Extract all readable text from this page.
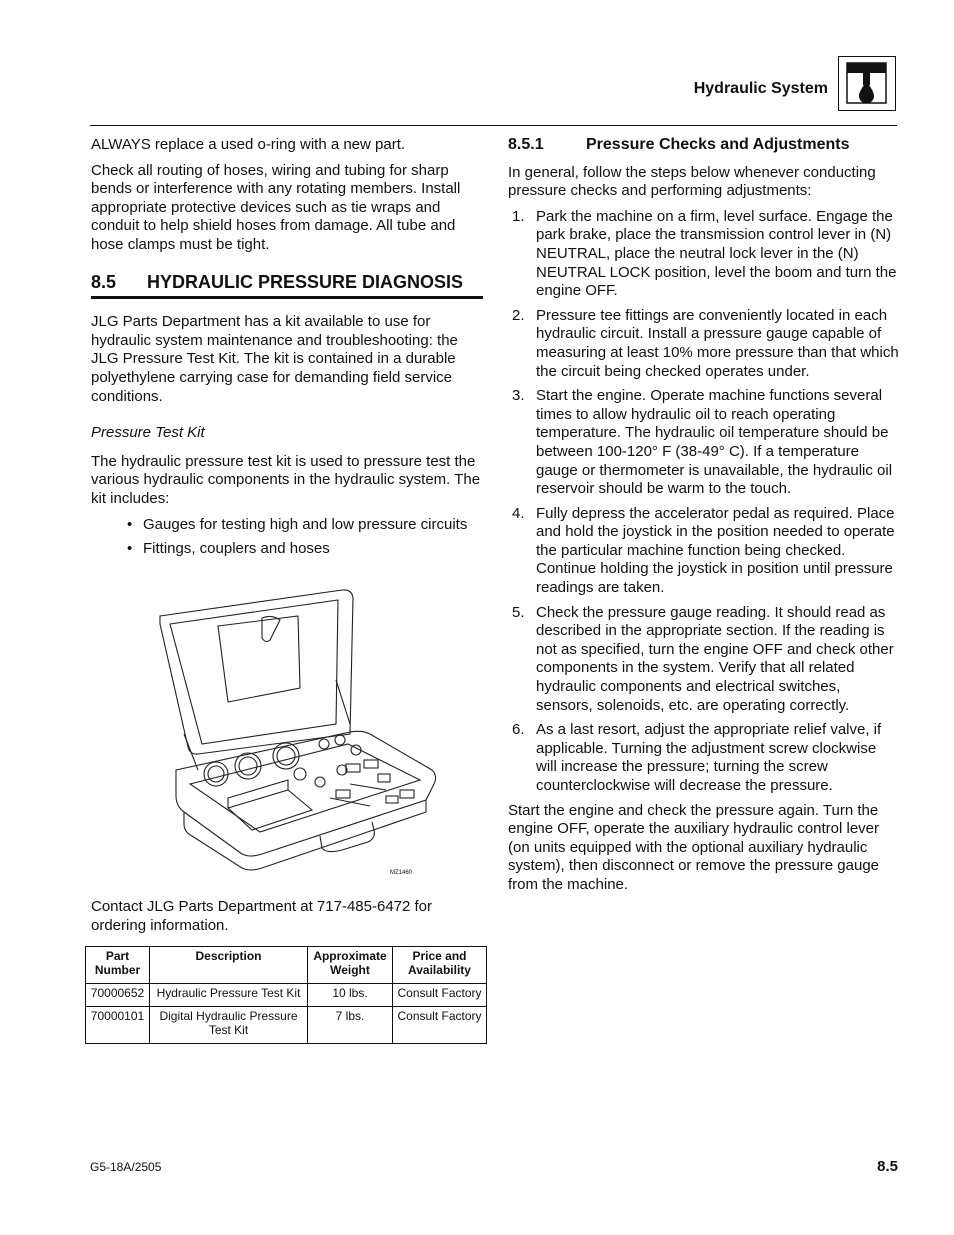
Hydraulic System

ALWAYS replace a used o-ring with a new part.

Check all routing of hoses, wiring and tubing for sharp bends or interference with any rotating members. Install appropriate protective devices such as tie wraps and conduit to help shield hoses from damage. All tube and hose clamps must be tight.

8.5	HYDRAULIC PRESSURE DIAGNOSIS

JLG Parts Department has a kit available to use for hydraulic system maintenance and troubleshooting: the JLG Pressure Test Kit. The kit is contained in a durable polyethylene carrying case for demanding field service conditions.

Pressure Test Kit

The hydraulic pressure test kit is used to pressure test the various hydraulic components in the hydraulic system. The kit includes:

• Gauges for testing high and low pressure circuits
• Fittings, couplers and hoses
MZ1460
Contact JLG Parts Department at 717-485-6472 for ordering information.
Part Number	Description	Approximate Weight	Price and Availability
70000652	Hydraulic Pressure Test Kit	10 lbs.	Consult Factory
70000101	Digital Hydraulic Pressure Test Kit	7 lbs.	Consult Factory
8.5.1	Pressure Checks and Adjustments

In general, follow the steps below whenever conducting pressure checks and performing adjustments:

1. Park the machine on a firm, level surface. Engage the park brake, place the transmission control lever in (N) NEUTRAL, place the neutral lock lever in the (N) NEUTRAL LOCK position, level the boom and turn the engine OFF.
2. Pressure tee fittings are conveniently located in each hydraulic circuit. Install a pressure gauge capable of measuring at least 10% more pressure than that which the circuit being checked operates under.
3. Start the engine. Operate machine functions several times to allow hydraulic oil to reach operating temperature. The hydraulic oil temperature should be between 100-120° F (38-49° C). If a temperature gauge or thermometer is unavailable, the hydraulic oil reservoir should be warm to the touch.
4. Fully depress the accelerator pedal as required. Place and hold the joystick in the position needed to operate the particular machine function being checked. Continue holding the joystick in position until pressure readings are taken.
5. Check the pressure gauge reading. It should read as described in the appropriate section. If the reading is not as specified, turn the engine OFF and check other components in the system. Verify that all related hydraulic components and electrical switches, sensors, solenoids, etc. are operating correctly.
6. As a last resort, adjust the appropriate relief valve, if applicable. Turning the adjustment screw clockwise will increase the pressure; turning the screw counterclockwise will decrease the pressure.

Start the engine and check the pressure again. Turn the engine OFF, operate the auxiliary hydraulic control lever (on units equipped with the optional auxiliary hydraulic system), then disconnect or remove the pressure gauge from the machine.

G5-18A/2505	8.5
